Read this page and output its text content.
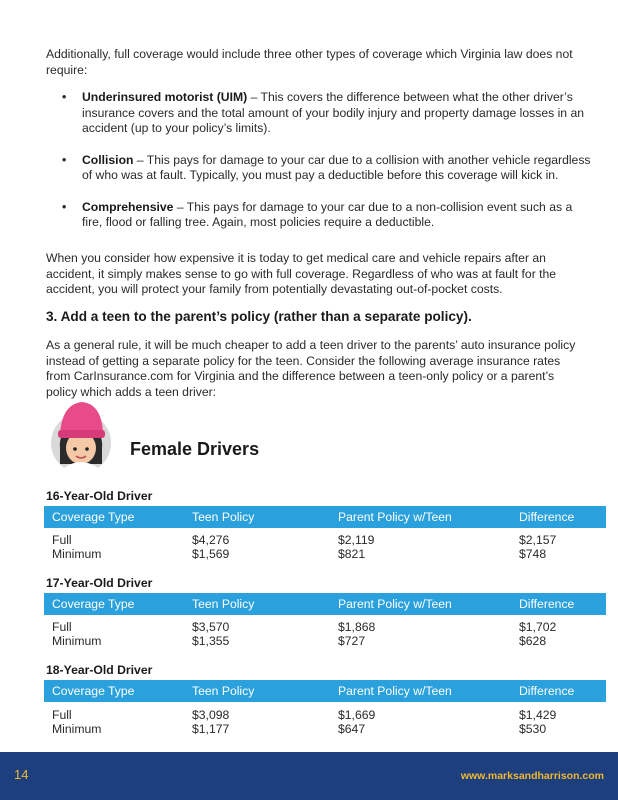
Additionally, full coverage would include three other types of coverage which Virginia law does not require:

• Underinsured motorist (UIM) – This covers the difference between what the other driver’s insurance covers and the total amount of your bodily injury and property damage losses in an accident (up to your policy’s limits).
• Collision – This pays for damage to your car due to a collision with another vehicle regardless of who was at fault. Typically, you must pay a deductible before this coverage will kick in.
• Comprehensive – This pays for damage to your car due to a non-collision event such as a fire, flood or falling tree. Again, most policies require a deductible.

When you consider how expensive it is today to get medical care and vehicle repairs after an accident, it simply makes sense to go with full coverage. Regardless of who was at fault for the accident, you will protect your family from potentially devastating out-of-pocket costs.

3. Add a teen to the parent’s policy (rather than a separate policy).

As a general rule, it will be much cheaper to add a teen driver to the parents’ auto insurance policy instead of getting a separate policy for the teen. Consider the following average insurance rates from CarInsurance.com for Virginia and the difference between a teen-only policy or a parent’s policy which adds a teen driver:

Female Drivers
16-Year-Old Driver
Coverage Type	Teen Policy	Parent Policy w/Teen	Difference
Full	$4,276	$2,119	$2,157
Minimum	$1,569	$821	$748
17-Year-Old Driver
Coverage Type	Teen Policy	Parent Policy w/Teen	Difference
Full	$3,570	$1,868	$1,702
Minimum	$1,355	$727	$628
18-Year-Old Driver
Coverage Type	Teen Policy	Parent Policy w/Teen	Difference
Full	$3,098	$1,669	$1,429
Minimum	$1,177	$647	$530
14	www.marksandharrison.com
